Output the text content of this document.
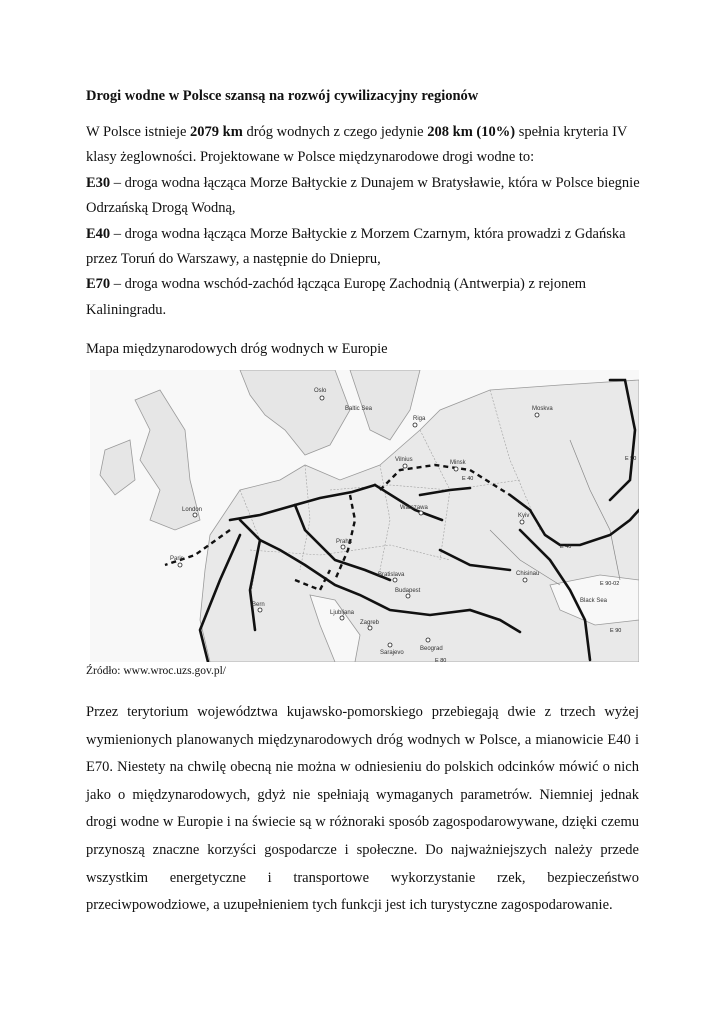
Drogi wodne w Polsce szansą na rozwój cywilizacyjny regionów
W Polsce istnieje 2079 km dróg wodnych z czego jedynie 208 km (10%) spełnia kryteria IV klasy żeglowności. Projektowane w Polsce międzynarodowe drogi wodne to:
E30 – droga wodna łącząca Morze Bałtyckie z Dunajem w Bratysławie, która w Polsce biegnie Odrzańską Drogą Wodną,
E40 – droga wodna łącząca Morze Bałtyckie z Morzem Czarnym, która prowadzi z Gdańska przez Toruń do Warszawy, a następnie do Dniepru,
E70 – droga wodna wschód-zachód łącząca Europę Zachodnią (Antwerpia) z rejonem Kaliningradu.
Mapa międzynarodowych dróg wodnych w Europie
Oslo
Baltic Sea
Riga
Moskva
London
Vilnius	Minsk
Warszawa
Praha
Kyiv
Paris
Bratislava
Budapest
Bern
Ljubljana
Zagreb
Sarajevo
Beograd
Chisinau
Black Sea
E 40
E 40
E 50
E 90
E 80
E 90-02
Źródło: www.wroc.uzs.gov.pl/

Przez terytorium województwa kujawsko-pomorskiego przebiegają dwie z trzech wyżej wymienionych planowanych międzynarodowych dróg wodnych w Polsce, a mianowicie E40 i E70. Niestety na chwilę obecną nie można w odniesieniu do polskich odcinków mówić o nich jako o międzynarodowych, gdyż nie spełniają wymaganych parametrów. Niemniej jednak drogi wodne w Europie i na świecie są w różnoraki sposób zagospodarowywane, dzięki czemu przynoszą znaczne korzyści gospodarcze i społeczne. Do najważniejszych należy przede wszystkim energetyczne i transportowe wykorzystanie rzek, bezpieczeństwo przeciwpowodziowe, a uzupełnieniem tych funkcji jest ich turystyczne zagospodarowanie.
